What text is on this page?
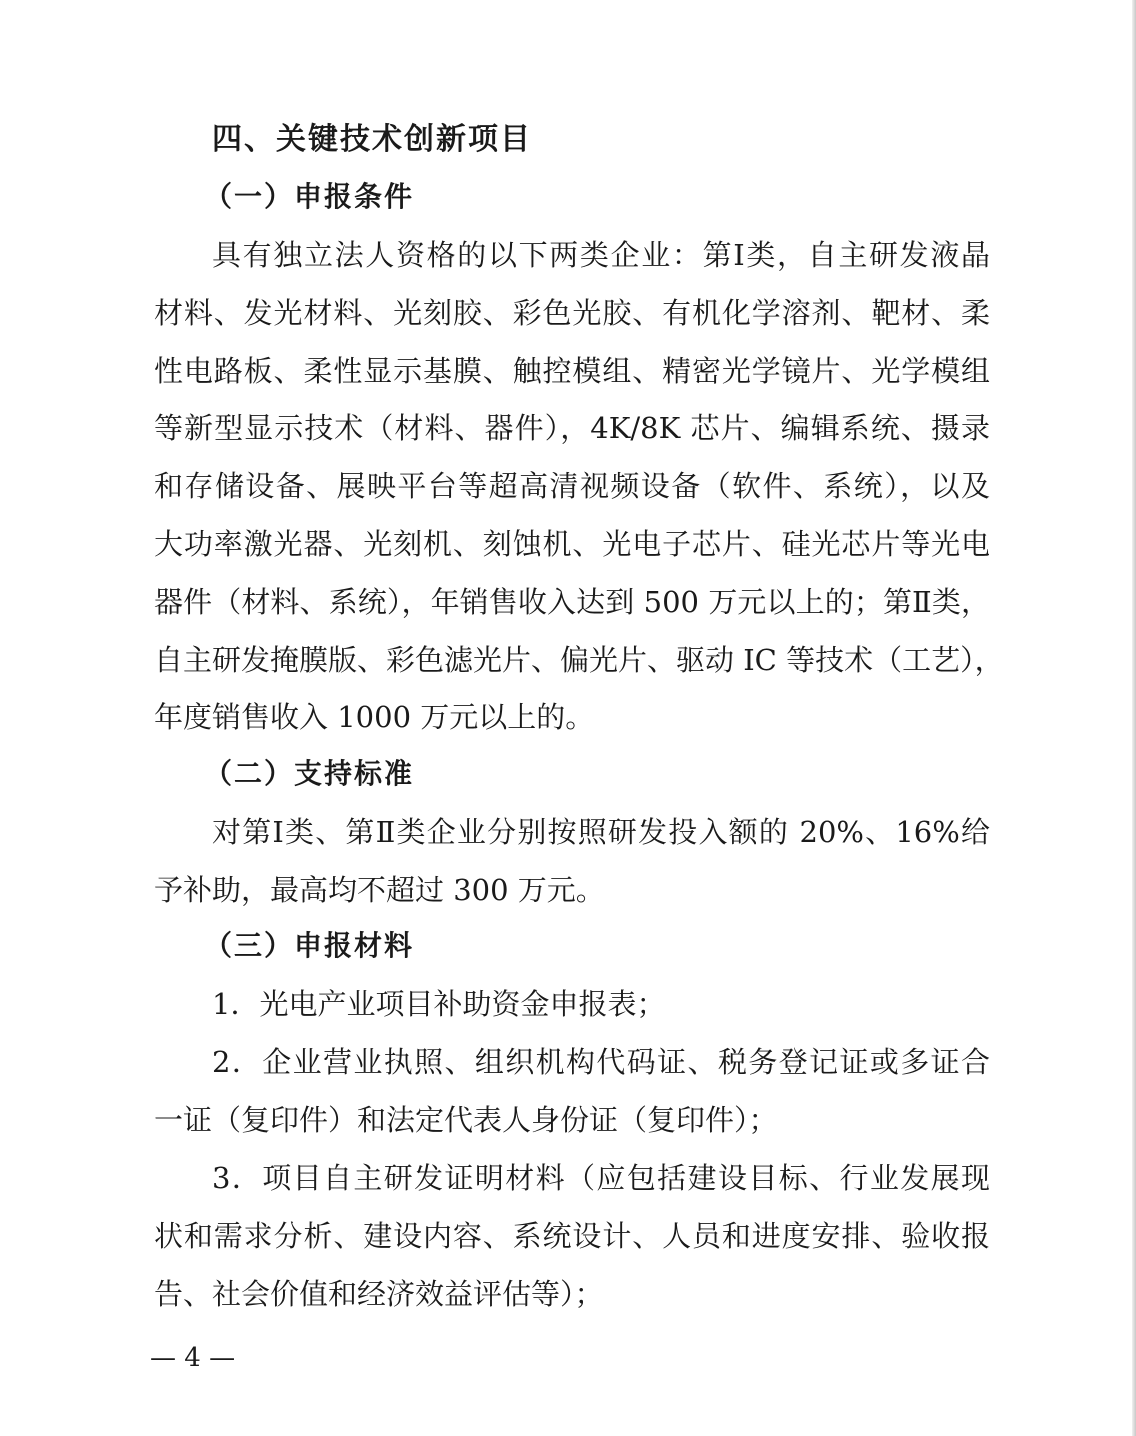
四、关键技术创新项目
（一）申报条件
具有独立法人资格的以下两类企业：第Ⅰ类，自主研发液晶
材料、发光材料、光刻胶、彩色光胶、有机化学溶剂、靶材、柔
性电路板、柔性显示基膜、触控模组、精密光学镜片、光学模组
等新型显示技术（材料、器件），4K/8K 芯片、编辑系统、摄录
和存储设备、展映平台等超高清视频设备（软件、系统），以及
大功率激光器、光刻机、刻蚀机、光电子芯片、硅光芯片等光电
器件（材料、系统），年销售收入达到 500 万元以上的；第Ⅱ类，
自主研发掩膜版、彩色滤光片、偏光片、驱动 IC 等技术（工艺），
年度销售收入 1000 万元以上的。
（二）支持标准
对第Ⅰ类、第Ⅱ类企业分别按照研发投入额的 20%、16%给
予补助，最高均不超过 300 万元。
（三）申报材料
1．光电产业项目补助资金申报表；
2．企业营业执照、组织机构代码证、税务登记证或多证合
一证（复印件）和法定代表人身份证（复印件）；
3．项目自主研发证明材料（应包括建设目标、行业发展现
状和需求分析、建设内容、系统设计、人员和进度安排、验收报
告、社会价值和经济效益评估等）；
— 4 —
